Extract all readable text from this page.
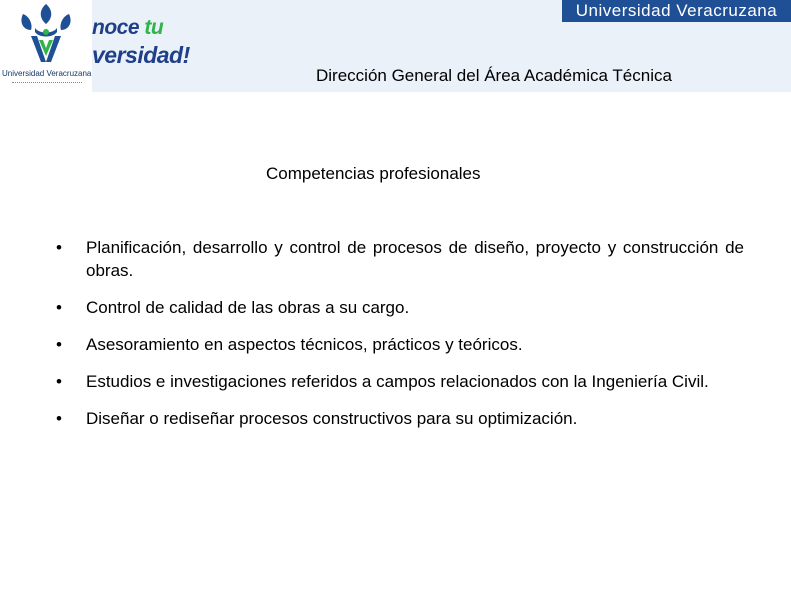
Universidad Veracruzana
noce tu
versidad!
Universidad Veracruzana
Dirección General del Área Académica Técnica
Competencias profesionales
• Planificación, desarrollo y control de procesos de diseño, proyecto y construcción de obras.
• Control de calidad de las obras a su cargo.
• Asesoramiento en aspectos técnicos, prácticos y teóricos.
• Estudios e investigaciones referidos a campos relacionados con la Ingeniería Civil.
• Diseñar o rediseñar procesos constructivos para su optimización.
